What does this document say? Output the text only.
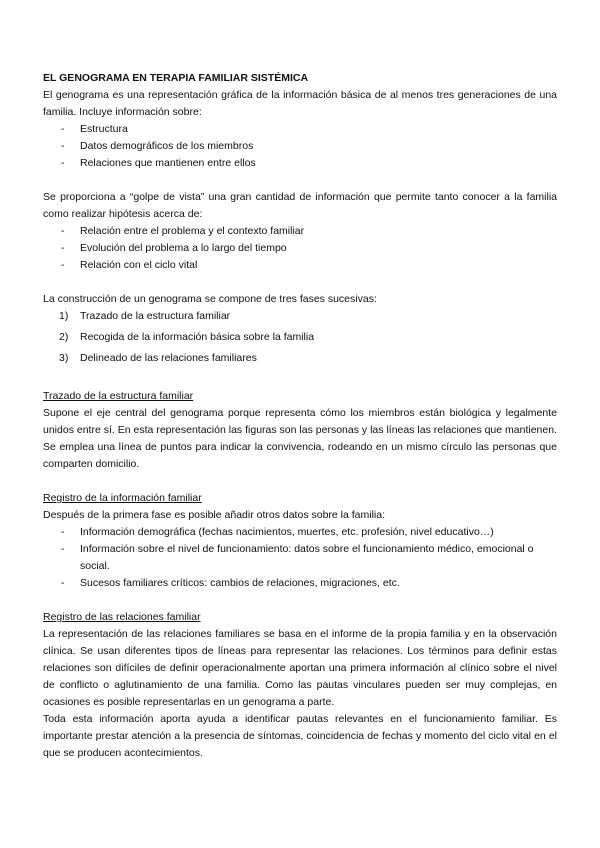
EL GENOGRAMA EN TERAPIA FAMILIAR SISTÉMICA

El genograma es una representación gráfica de la información básica de al menos tres generaciones de una familia. Incluye información sobre:

- Estructura
- Datos demográficos de los miembros
- Relaciones que mantienen entre ellos

Se proporciona a “golpe de vista” una gran cantidad de información que permite tanto conocer a la familia como realizar hipótesis acerca de:

- Relación entre el problema y el contexto familiar
- Evolución del problema a lo largo del tiempo
- Relación con el ciclo vital

La construcción de un genograma se compone de tres fases sucesivas:

1) Trazado de la estructura familiar
2) Recogida de la información básica sobre la familia
3) Delineado de las relaciones familiares

Trazado de la estructura familiar

Supone el eje central del genograma porque representa cómo los miembros están biológica y legalmente unidos entre sí. En esta representación las figuras son las personas y las líneas las relaciones que mantienen. Se emplea una línea de puntos para indicar la convivencia, rodeando en un mismo círculo las personas que comparten domicilio.

Registro de la información familiar

Después de la primera fase es posible añadir otros datos sobre la familia:

- Información demográfica (fechas nacimientos, muertes, etc. profesión, nivel educativo…)
- Información sobre el nivel de funcionamiento: datos sobre el funcionamiento médico, emocional o social.
- Sucesos familiares críticos: cambios de relaciones, migraciones, etc.

Registro de las relaciones familiar

La representación de las relaciones familiares se basa en el informe de la propia familia y en la observación clínica. Se usan diferentes tipos de líneas para representar las relaciones. Los términos para definir estas relaciones son difíciles de definir operacionalmente aportan una primera información al clínico sobre el nivel de conflicto o aglutinamiento de una familia. Como las pautas vinculares pueden ser muy complejas, en ocasiones es posible representarlas en un genograma a parte.

Toda esta información aporta ayuda a identificar pautas relevantes en el funcionamiento familiar. Es importante prestar atención a la presencia de síntomas, coincidencia de fechas y momento del ciclo vital en el que se producen acontecimientos.
